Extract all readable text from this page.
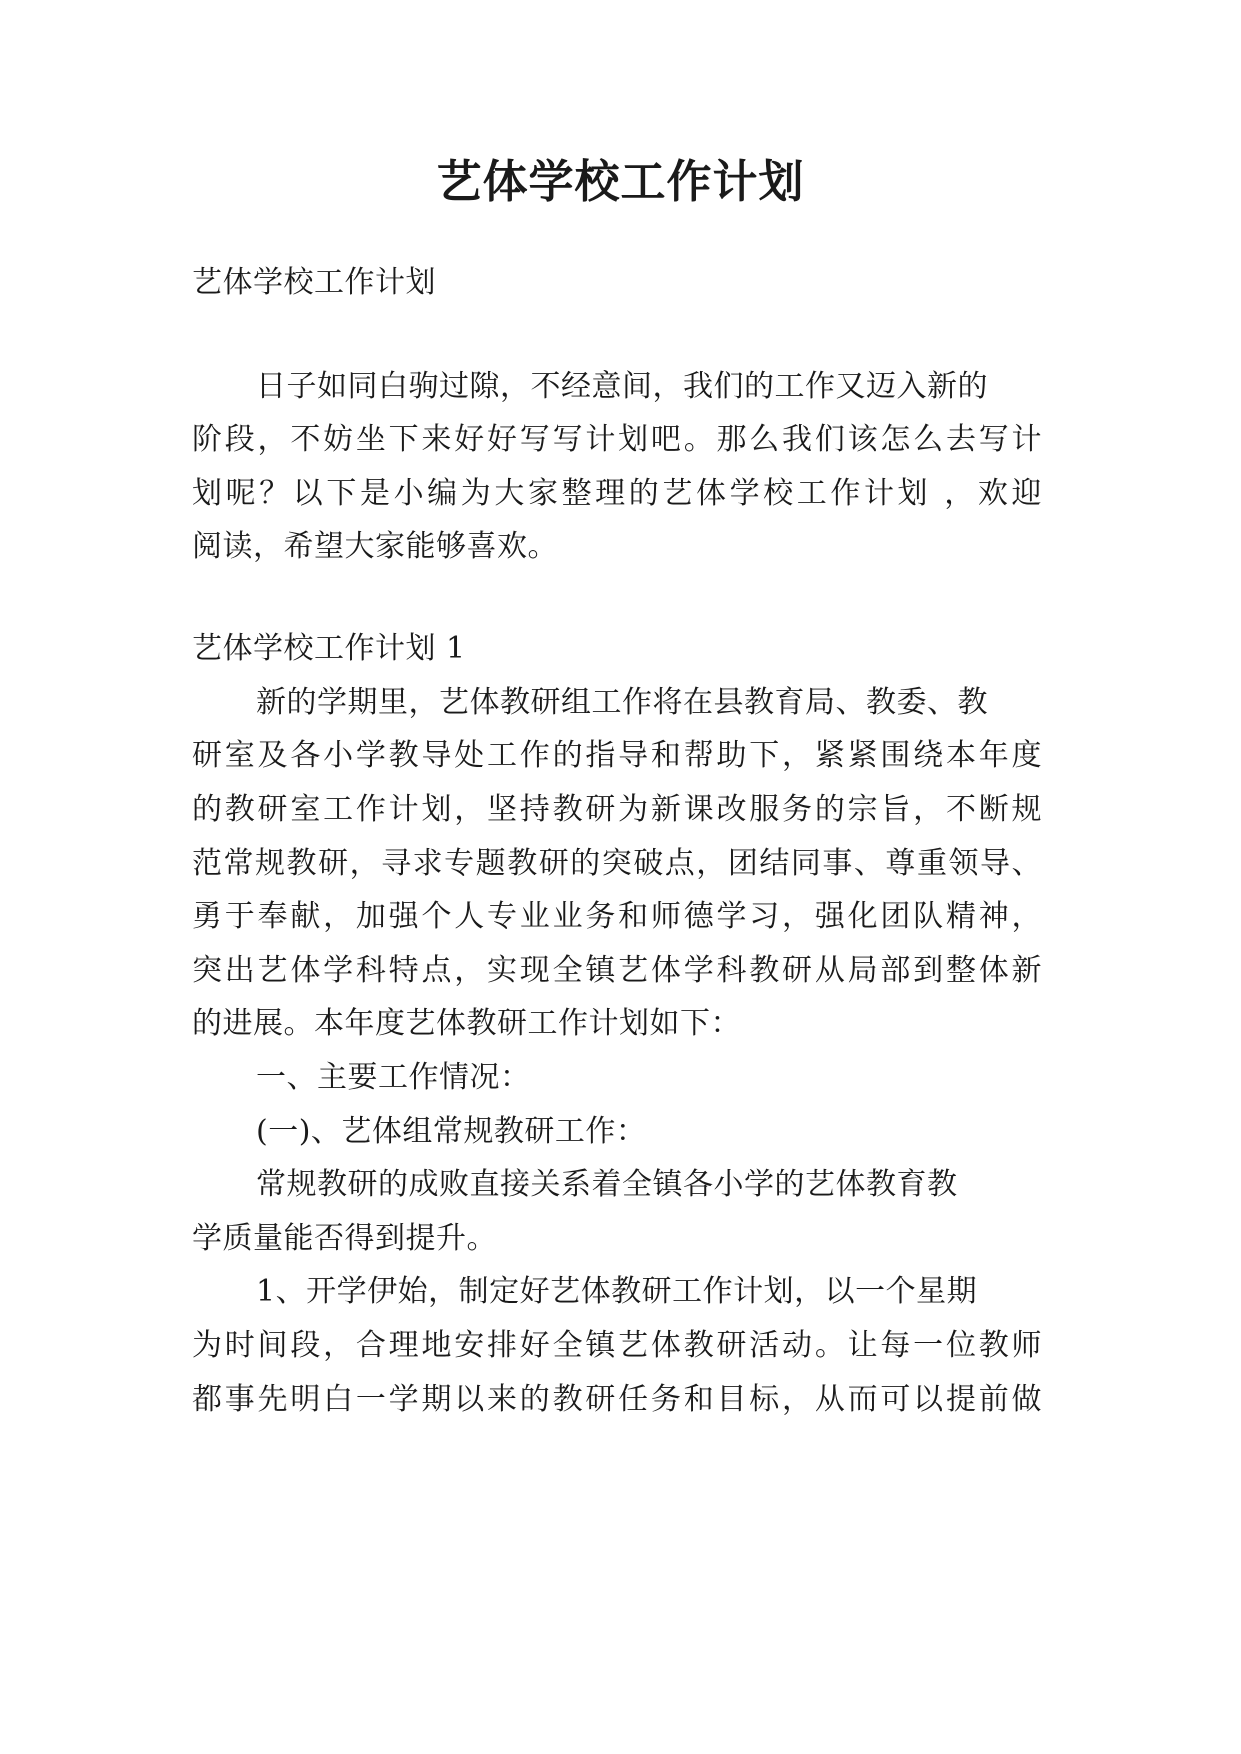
艺体学校工作计划

艺体学校工作计划

日子如同白驹过隙，不经意间，我们的工作又迈入新的

阶段，不妨坐下来好好写写计划吧。那么我们该怎么去写计

划呢？以下是小编为大家整理的艺体学校工作计划 ，欢迎

阅读，希望大家能够喜欢。

艺体学校工作计划 1

新的学期里，艺体教研组工作将在县教育局、教委、教

研室及各小学教导处工作的指导和帮助下，紧紧围绕本年度

的教研室工作计划，坚持教研为新课改服务的宗旨，不断规

范常规教研，寻求专题教研的突破点，团结同事、尊重领导、

勇于奉献，加强个人专业业务和师德学习，强化团队精神，

突出艺体学科特点，实现全镇艺体学科教研从局部到整体新

的进展。本年度艺体教研工作计划如下：

一、主要工作情况：

(一)、艺体组常规教研工作：

常规教研的成败直接关系着全镇各小学的艺体教育教

学质量能否得到提升。

1、开学伊始，制定好艺体教研工作计划，以一个星期

为时间段，合理地安排好全镇艺体教研活动。让每一位教师

都事先明白一学期以来的教研任务和目标，从而可以提前做
